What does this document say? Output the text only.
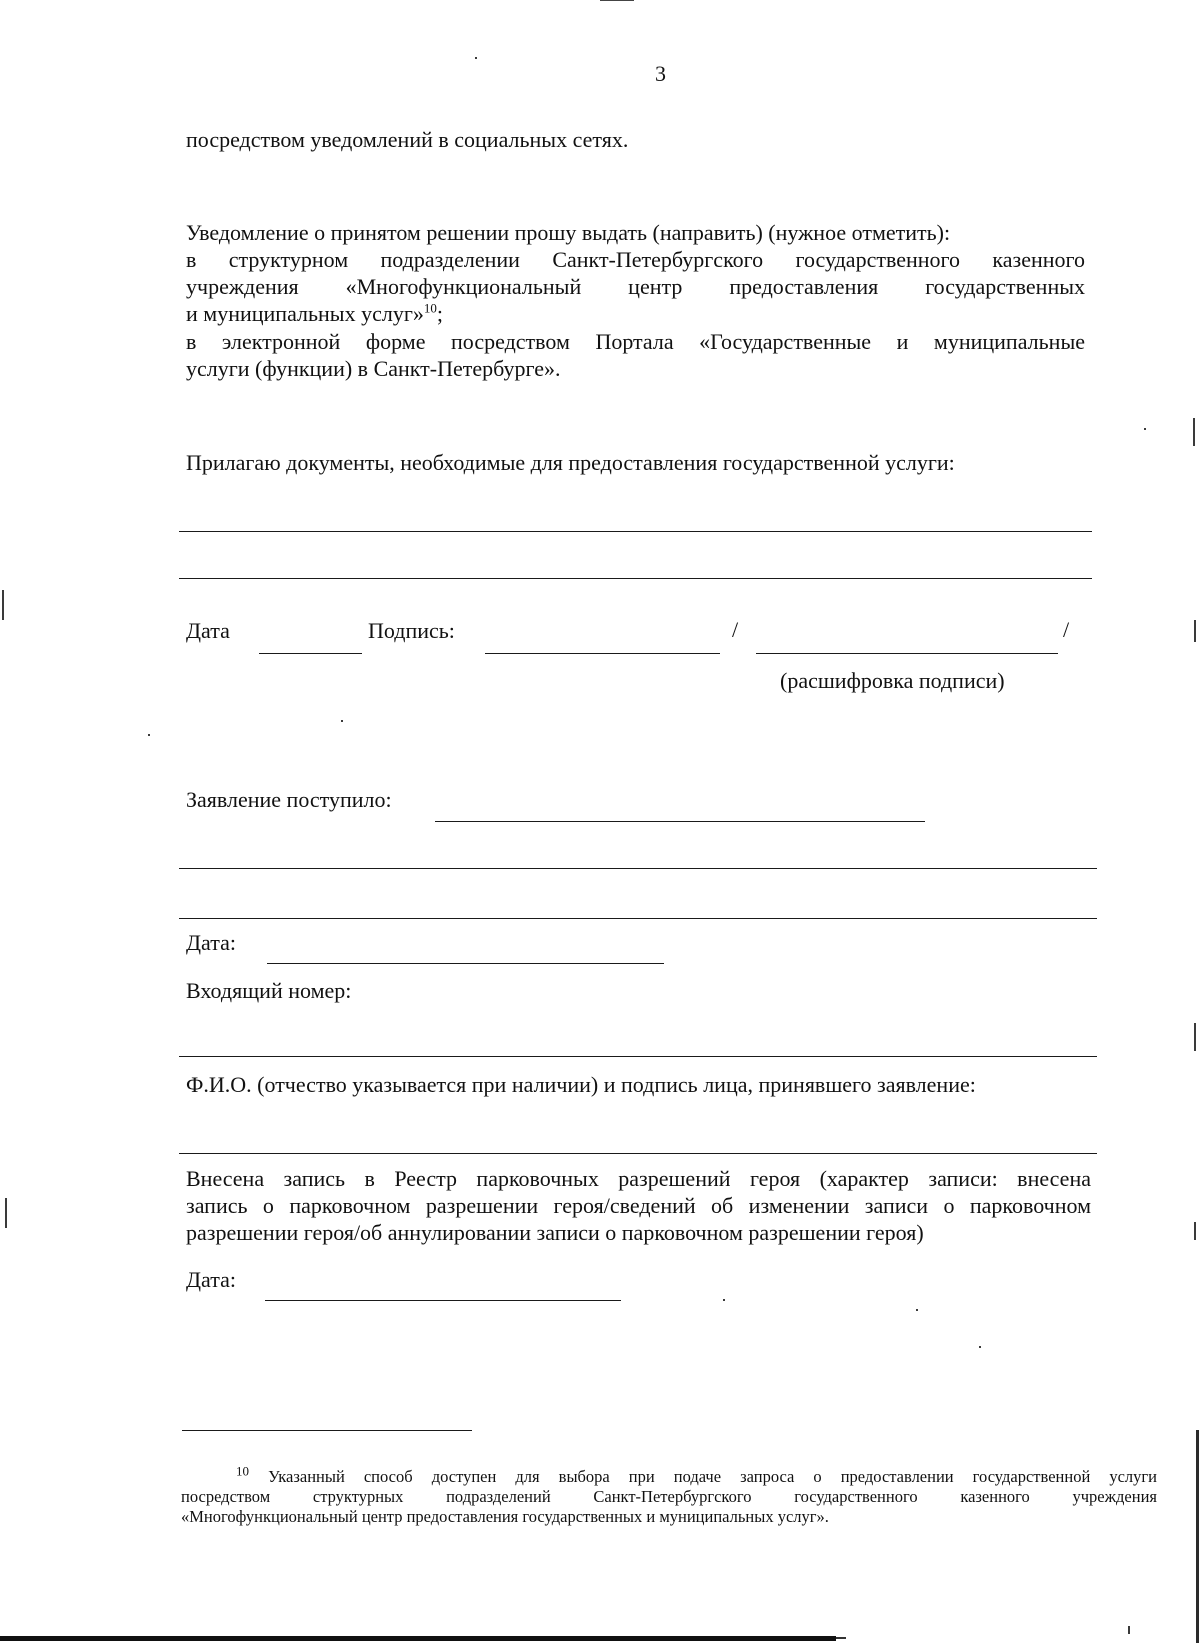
3
посредством уведомлений в социальных сетях.
Уведомление о принятом решении прошу выдать (направить) (нужное отметить):

в структурном подразделении Санкт-Петербургского государственного казенного

учреждения «Многофункциональный центр предоставления государственных

и муниципальных услуг»$^{10}$;

в электронной форме посредством Портала «Государственные и муниципальные

услуги (функции) в Санкт-Петербурге».

Прилагаю документы, необходимые для предоставления государственной услуги:
Дата	Подпись:	/	/
(расшифровка подписи)
Заявление поступило:
Дата:
Входящий номер:
Ф.И.О. (отчество указывается при наличии) и подпись лица, принявшего заявление:

Внесена запись в Реестр парковочных разрешений героя (характер записи: внесена

запись о парковочном разрешении героя/сведений об изменении записи о парковочном

разрешении героя/об аннулировании записи о парковочном разрешении героя)

Дата:
$^{10}$ Указанный способ доступен для выбора при подаче запроса о предоставлении государственной услуги
посредством структурных подразделений Санкт-Петербургского государственного казенного учреждения
«Многофункциональный центр предоставления государственных и муниципальных услуг».
